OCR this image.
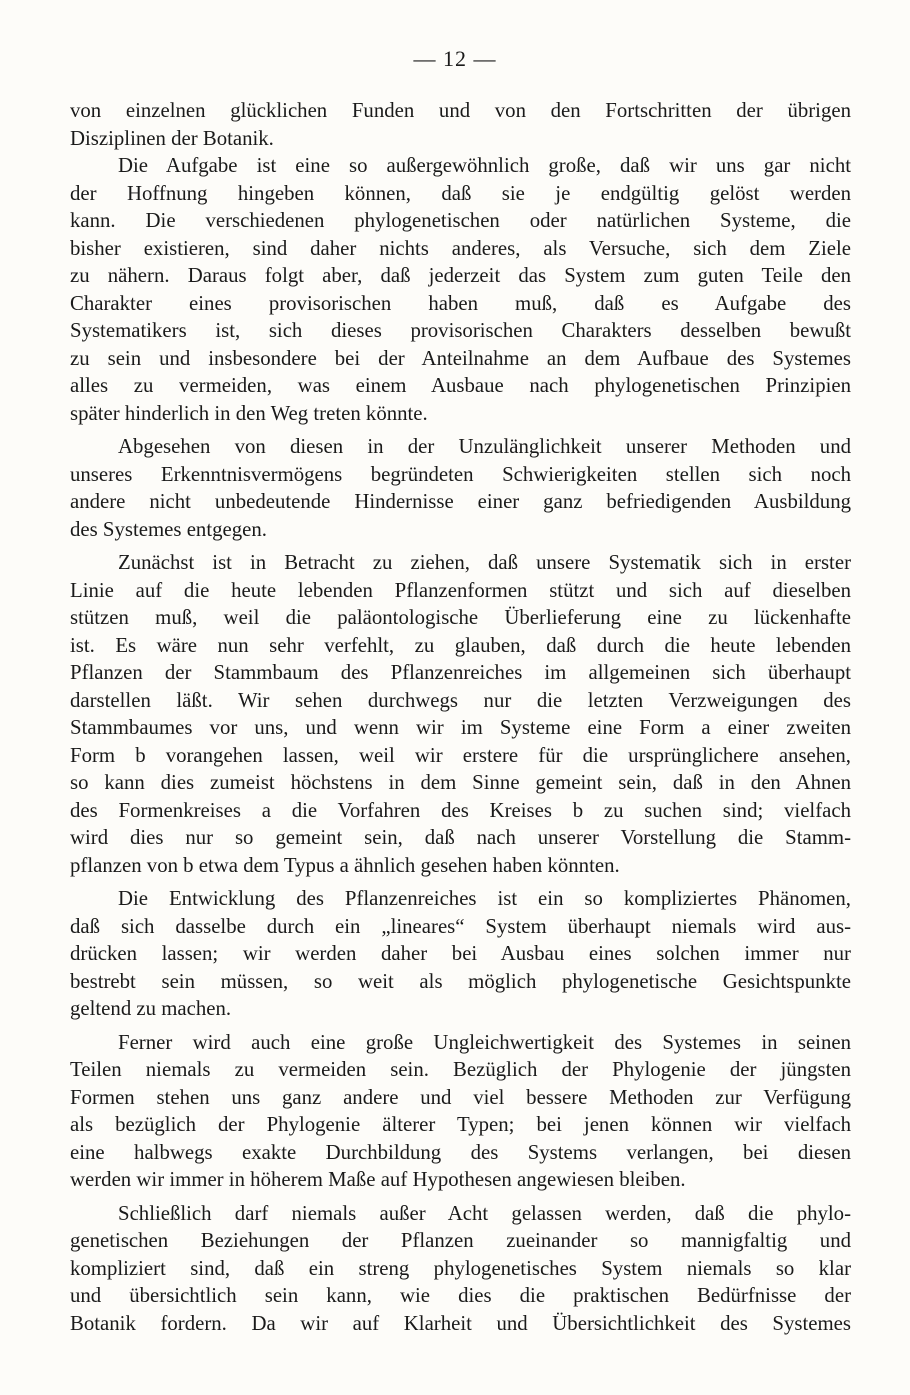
— 12 —
von einzelnen glücklichen Funden und von den Fortschritten der übrigen
Disziplinen der Botanik.
Die Aufgabe ist eine so außergewöhnlich große, daß wir uns gar nicht
der Hoffnung hingeben können, daß sie je endgültig gelöst werden
kann. Die verschiedenen phylogenetischen oder natürlichen Systeme, die
bisher existieren, sind daher nichts anderes, als Versuche, sich dem Ziele
zu nähern. Daraus folgt aber, daß jederzeit das System zum guten Teile den
Charakter eines provisorischen haben muß, daß es Aufgabe des
Systematikers ist, sich dieses provisorischen Charakters desselben bewußt
zu sein und insbesondere bei der Anteilnahme an dem Aufbaue des Systemes
alles zu vermeiden, was einem Ausbaue nach phylogenetischen Prinzipien
später hinderlich in den Weg treten könnte.
Abgesehen von diesen in der Unzulänglichkeit unserer Methoden und
unseres Erkenntnisvermögens begründeten Schwierigkeiten stellen sich noch
andere nicht unbedeutende Hindernisse einer ganz befriedigenden Ausbildung
des Systemes entgegen.
Zunächst ist in Betracht zu ziehen, daß unsere Systematik sich in erster
Linie auf die heute lebenden Pflanzenformen stützt und sich auf dieselben
stützen muß, weil die paläontologische Überlieferung eine zu lückenhafte
ist. Es wäre nun sehr verfehlt, zu glauben, daß durch die heute lebenden
Pflanzen der Stammbaum des Pflanzenreiches im allgemeinen sich überhaupt
darstellen läßt. Wir sehen durchwegs nur die letzten Verzweigungen des
Stammbaumes vor uns, und wenn wir im Systeme eine Form a einer zweiten
Form b vorangehen lassen, weil wir erstere für die ursprünglichere ansehen,
so kann dies zumeist höchstens in dem Sinne gemeint sein, daß in den Ahnen
des Formenkreises a die Vorfahren des Kreises b zu suchen sind; vielfach
wird dies nur so gemeint sein, daß nach unserer Vorstellung die Stamm-
pflanzen von b etwa dem Typus a ähnlich gesehen haben könnten.
Die Entwicklung des Pflanzenreiches ist ein so kompliziertes Phänomen,
daß sich dasselbe durch ein „lineares“ System überhaupt niemals wird aus-
drücken lassen; wir werden daher bei Ausbau eines solchen immer nur
bestrebt sein müssen, so weit als möglich phylogenetische Gesichtspunkte
geltend zu machen.
Ferner wird auch eine große Ungleichwertigkeit des Systemes in seinen
Teilen niemals zu vermeiden sein. Bezüglich der Phylogenie der jüngsten
Formen stehen uns ganz andere und viel bessere Methoden zur Verfügung
als bezüglich der Phylogenie älterer Typen; bei jenen können wir vielfach
eine halbwegs exakte Durchbildung des Systems verlangen, bei diesen
werden wir immer in höherem Maße auf Hypothesen angewiesen bleiben.
Schließlich darf niemals außer Acht gelassen werden, daß die phylo-
genetischen Beziehungen der Pflanzen zueinander so mannigfaltig und
kompliziert sind, daß ein streng phylogenetisches System niemals so klar
und übersichtlich sein kann, wie dies die praktischen Bedürfnisse der
Botanik fordern. Da wir auf Klarheit und Übersichtlichkeit des Systemes
